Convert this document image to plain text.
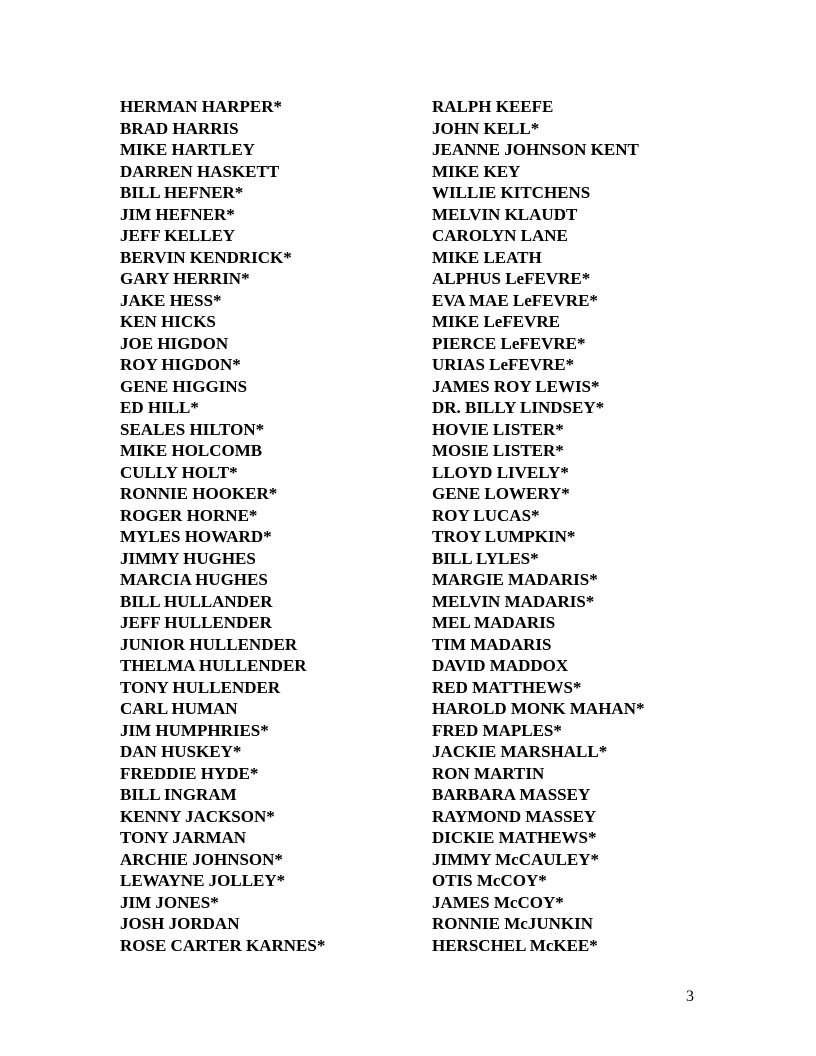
HERMAN HARPER*
BRAD HARRIS
MIKE HARTLEY
DARREN HASKETT
BILL HEFNER*
JIM HEFNER*
JEFF KELLEY
BERVIN KENDRICK*
GARY HERRIN*
JAKE HESS*
KEN HICKS
JOE HIGDON
ROY HIGDON*
GENE HIGGINS
ED HILL*
SEALES HILTON*
MIKE HOLCOMB
CULLY HOLT*
RONNIE HOOKER*
ROGER HORNE*
MYLES HOWARD*
JIMMY HUGHES
MARCIA HUGHES
BILL HULLANDER
JEFF HULLENDER
JUNIOR HULLENDER
THELMA HULLENDER
TONY HULLENDER
CARL HUMAN
JIM HUMPHRIES*
DAN HUSKEY*
FREDDIE HYDE*
BILL INGRAM
KENNY JACKSON*
TONY JARMAN
ARCHIE JOHNSON*
LEWAYNE JOLLEY*
JIM JONES*
JOSH JORDAN
ROSE CARTER KARNES*
RALPH KEEFE
JOHN KELL*
JEANNE JOHNSON KENT
MIKE KEY
WILLIE KITCHENS
MELVIN KLAUDT
CAROLYN LANE
MIKE LEATH
ALPHUS LeFEVRE*
EVA MAE LeFEVRE*
MIKE LeFEVRE
PIERCE LeFEVRE*
URIAS LeFEVRE*
JAMES ROY LEWIS*
DR. BILLY LINDSEY*
HOVIE LISTER*
MOSIE LISTER*
LLOYD LIVELY*
GENE LOWERY*
ROY LUCAS*
TROY LUMPKIN*
BILL LYLES*
MARGIE MADARIS*
MELVIN MADARIS*
MEL MADARIS
TIM MADARIS
DAVID MADDOX
RED MATTHEWS*
HAROLD MONK MAHAN*
FRED MAPLES*
JACKIE MARSHALL*
RON MARTIN
BARBARA MASSEY
RAYMOND MASSEY
DICKIE MATHEWS*
JIMMY McCAULEY*
OTIS McCOY*
JAMES McCOY*
RONNIE McJUNKIN
HERSCHEL McKEE*
3
